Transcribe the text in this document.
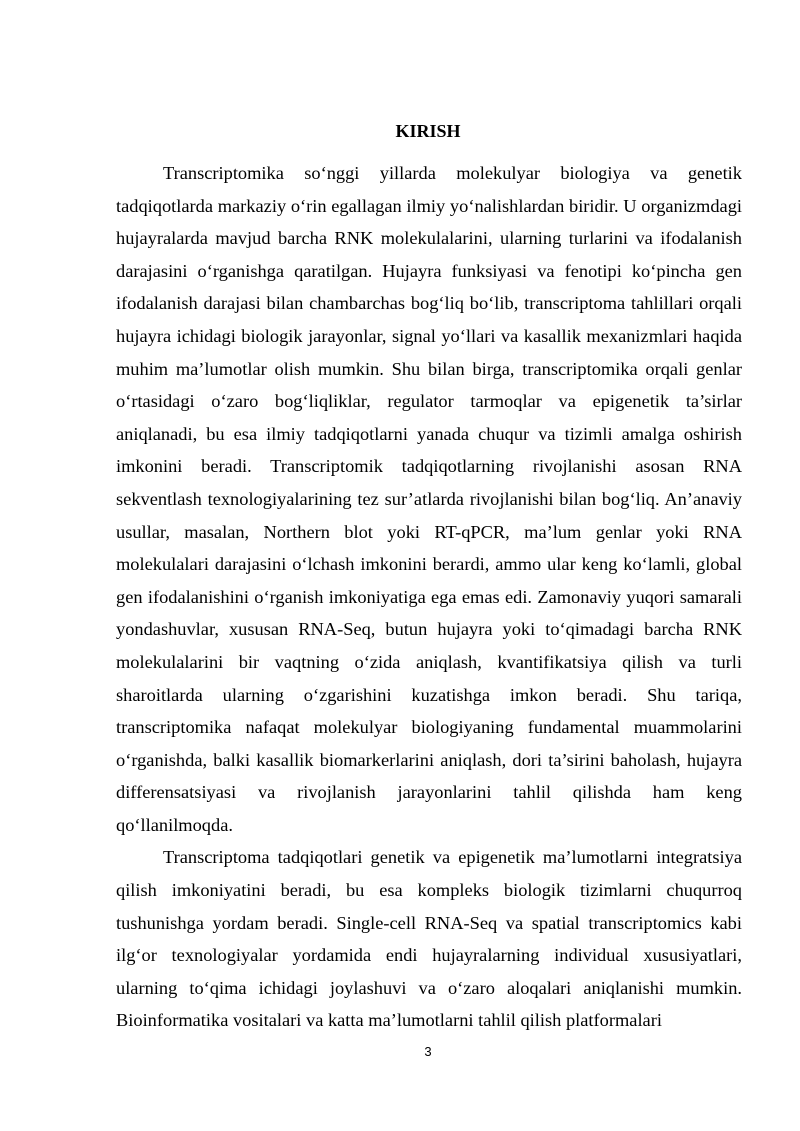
KIRISH

Transcriptomika so‘nggi yillarda molekulyar biologiya va genetik tadqiqotlarda markaziy o‘rin egallagan ilmiy yo‘nalishlardan biridir. U organizmdagi hujayralarda mavjud barcha RNK molekulalarini, ularning turlarini va ifodalanish darajasini o‘rganishga qaratilgan. Hujayra funksiyasi va fenotipi ko‘pincha gen ifodalanish darajasi bilan chambarchas bog‘liq bo‘lib, transcriptoma tahlillari orqali hujayra ichidagi biologik jarayonlar, signal yo‘llari va kasallik mexanizmlari haqida muhim ma’lumotlar olish mumkin. Shu bilan birga, transcriptomika orqali genlar o‘rtasidagi o‘zaro bog‘liqliklar, regulator tarmoqlar va epigenetik ta’sirlar aniqlanadi, bu esa ilmiy tadqiqotlarni yanada chuqur va tizimli amalga oshirish imkonini beradi. Transcriptomik tadqiqotlarning rivojlanishi asosan RNA sekventlash texnologiyalarining tez sur’atlarda rivojlanishi bilan bog‘liq. An’anaviy usullar, masalan, Northern blot yoki RT-qPCR, ma’lum genlar yoki RNA molekulalari darajasini o‘lchash imkonini berardi, ammo ular keng ko‘lamli, global gen ifodalanishini o‘rganish imkoniyatiga ega emas edi. Zamonaviy yuqori samarali yondashuvlar, xususan RNA-Seq, butun hujayra yoki to‘qimadagi barcha RNK molekulalarini bir vaqtning o‘zida aniqlash, kvantifikatsiya qilish va turli sharoitlarda ularning o‘zgarishini kuzatishga imkon beradi. Shu tariqa, transcriptomika nafaqat molekulyar biologiyaning fundamental muammolarini o‘rganishda, balki kasallik biomarkerlarini aniqlash, dori ta’sirini baholash, hujayra differensatsiyasi va rivojlanish jarayonlarini tahlil qilishda ham keng qo‘llanilmoqda.

Transcriptoma tadqiqotlari genetik va epigenetik ma’lumotlarni integratsiya qilish imkoniyatini beradi, bu esa kompleks biologik tizimlarni chuqurroq tushunishga yordam beradi. Single-cell RNA-Seq va spatial transcriptomics kabi ilg‘or texnologiyalar yordamida endi hujayralarning individual xususiyatlari, ularning to‘qima ichidagi joylashuvi va o‘zaro aloqalari aniqlanishi mumkin. Bioinformatika vositalari va katta ma’lumotlarni tahlil qilish platformalari

3
